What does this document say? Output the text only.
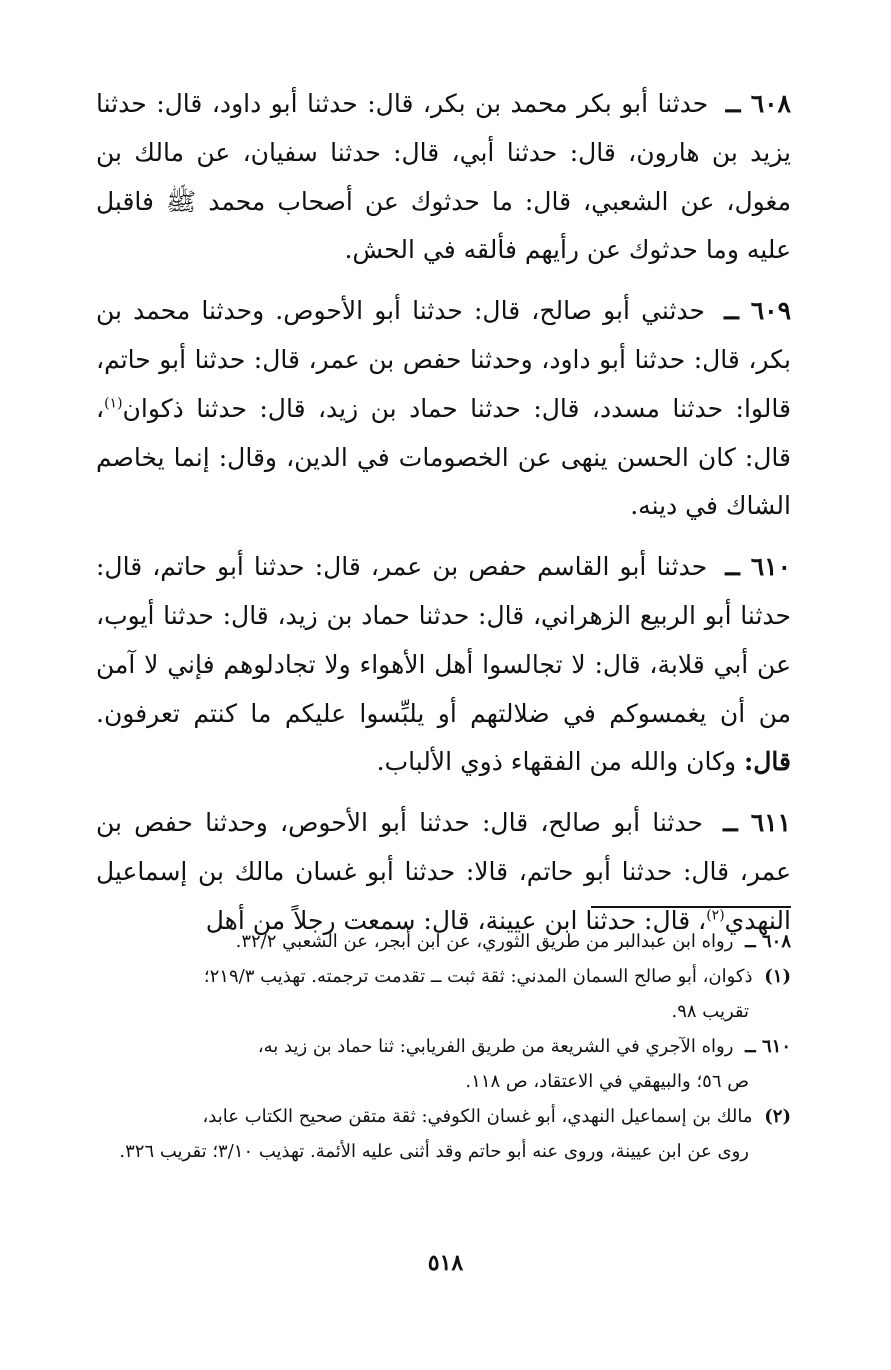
٦٠٨ ــ حدثنا أبو بكر محمد بن بكر، قال: حدثنا أبو داود، قال: حدثنا يزيد بن هارون، قال: حدثنا أبي، قال: حدثنا سفيان، عن مالك بن مغول، عن الشعبي، قال: ما حدثوك عن أصحاب محمد ﷺ فاقبل عليه وما حدثوك عن رأيهم فألقه في الحش.

٦٠٩ ــ حدثني أبو صالح، قال: حدثنا أبو الأحوص. وحدثنا محمد بن بكر، قال: حدثنا أبو داود، وحدثنا حفص بن عمر، قال: حدثنا أبو حاتم، قالوا: حدثنا مسدد، قال: حدثنا حماد بن زيد، قال: حدثنا ذكوان$^{(١)}$، قال: كان الحسن ينهى عن الخصومات في الدين، وقال: إنما يخاصم الشاك في دينه.

٦١٠ ــ حدثنا أبو القاسم حفص بن عمر، قال: حدثنا أبو حاتم، قال: حدثنا أبو الربيع الزهراني، قال: حدثنا حماد بن زيد، قال: حدثنا أيوب، عن أبي قلابة، قال: لا تجالسوا أهل الأهواء ولا تجادلوهم فإني لا آمن من أن يغمسوكم في ضلالتهم أو يلبِّسوا عليكم ما كنتم تعرفون. قال: وكان والله من الفقهاء ذوي الألباب.

٦١١ ــ حدثنا أبو صالح، قال: حدثنا أبو الأحوص، وحدثنا حفص بن عمر، قال: حدثنا أبو حاتم، قالا: حدثنا أبو غسان مالك بن إسماعيل النهدي$^{(٢)}$، قال: حدثنا ابن عيينة، قال: سمعت رجلاً من أهل

٦٠٨ ــ رواه ابن عبدالبر من طريق الثوري، عن ابن أبجر، عن الشعبي ٣٢/٢.
(١) ذكوان، أبو صالح السمان المدني: ثقة ثبت ــ تقدمت ترجمته. تهذيب ٢١٩/٣؛
تقريب ٩٨.
٦١٠ ــ رواه الآجري في الشريعة من طريق الفريابي: ثنا حماد بن زيد به،
ص ٥٦؛ والبيهقي في الاعتقاد، ص ١١٨.
(٢) مالك بن إسماعيل النهدي، أبو غسان الكوفي: ثقة متقن صحيح الكتاب عابد،
روى عن ابن عيينة، وروى عنه أبو حاتم وقد أثنى عليه الأئمة. تهذيب ٣/١٠؛ تقريب ٣٢٦.
٥١٨
